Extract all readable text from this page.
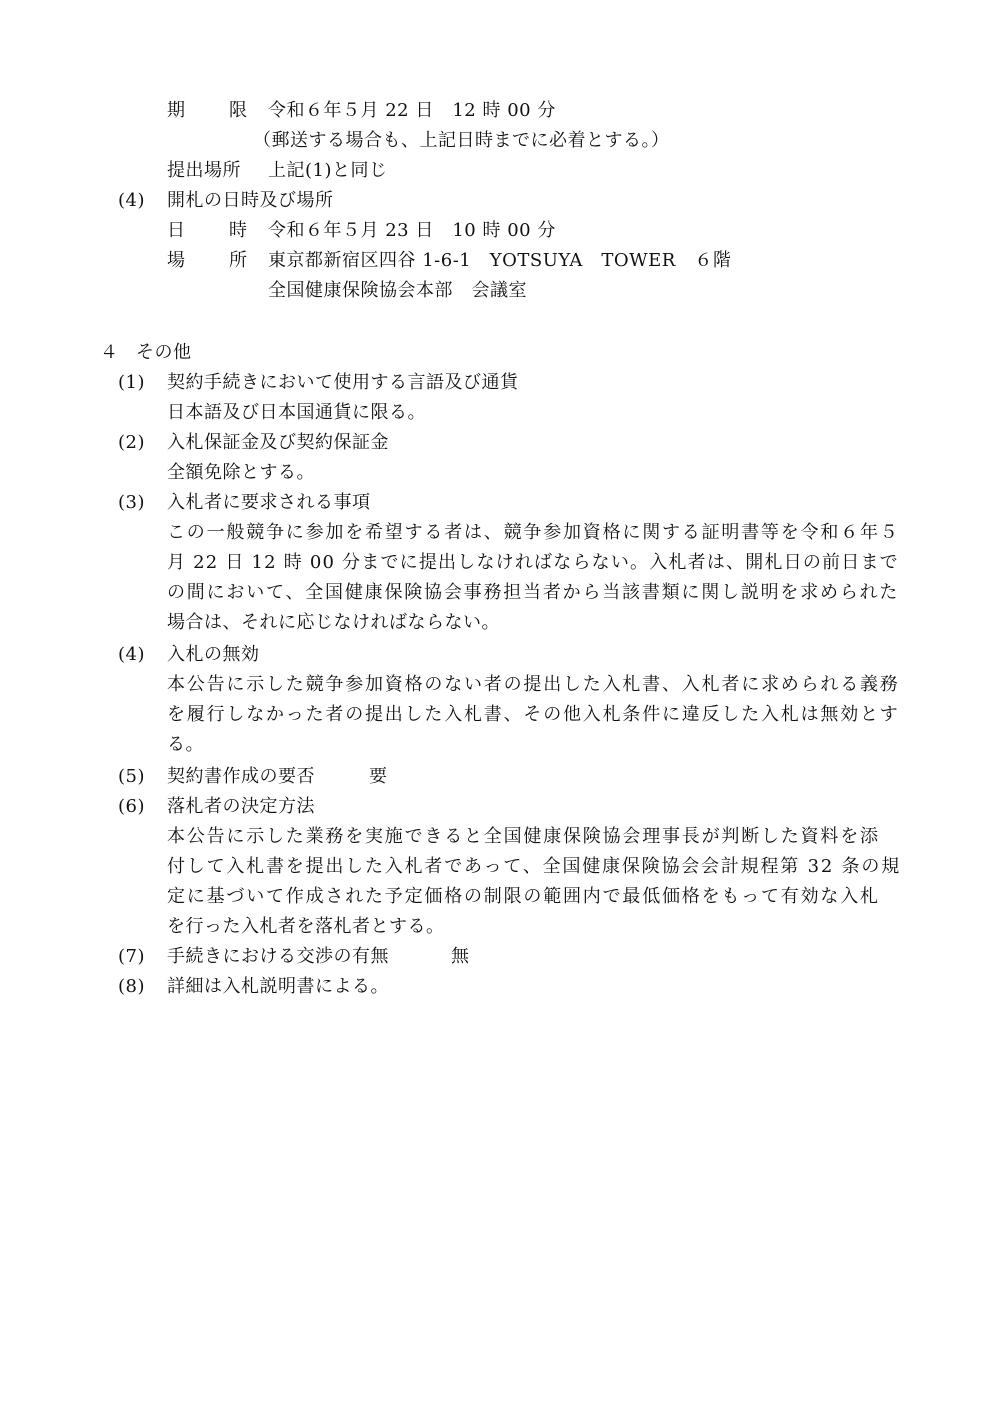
期 限 令和６年５月 22 日　12 時 00 分
（郵送する場合も、上記日時までに必着とする。）
提出場所 上記(1)と同じ
(4) 開札の日時及び場所
日 時 令和６年５月 23 日　10 時 00 分
場 所 東京都新宿区四谷 1-6-1　YOTSUYA　TOWER　６階
全国健康保険協会本部　会議室
４ その他
(1) 契約手続きにおいて使用する言語及び通貨
日本語及び日本国通貨に限る。
(2) 入札保証金及び契約保証金
全額免除とする。
(3) 入札者に要求される事項
この一般競争に参加を希望する者は、競争参加資格に関する証明書等を令和６年５
月 22 日 12 時 00 分までに提出しなければならない。入札者は、開札日の前日まで
の間において、全国健康保険協会事務担当者から当該書類に関し説明を求められた
場合は、それに応じなければならない。
(4) 入札の無効
本公告に示した競争参加資格のない者の提出した入札書、入札者に求められる義務
を履行しなかった者の提出した入札書、その他入札条件に違反した入札は無効とす
る。
(5) 契約書作成の要否	要
(6) 落札者の決定方法
本公告に示した業務を実施できると全国健康保険協会理事長が判断した資料を添
付して入札書を提出した入札者であって、全国健康保険協会会計規程第 32 条の規
定に基づいて作成された予定価格の制限の範囲内で最低価格をもって有効な入札
を行った入札者を落札者とする。
(7) 手続きにおける交渉の有無	無
(8) 詳細は入札説明書による。
